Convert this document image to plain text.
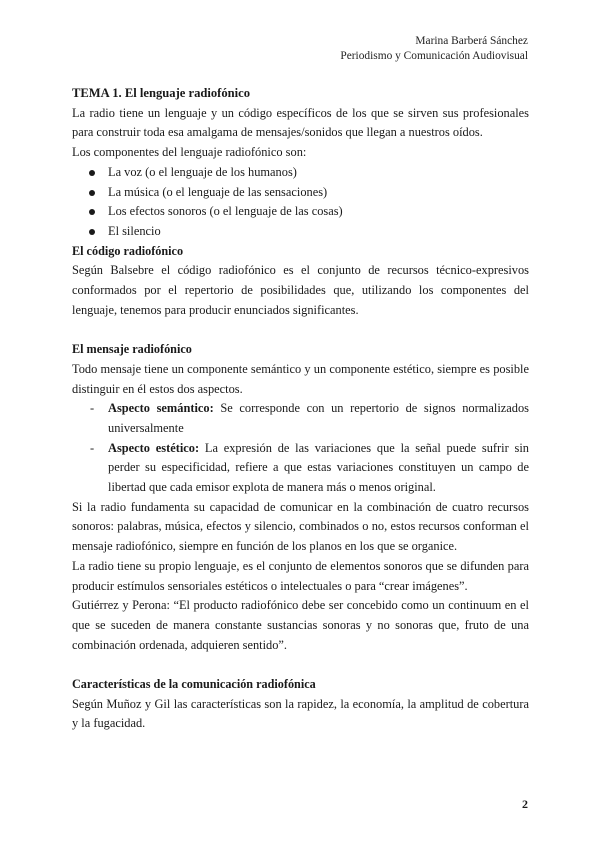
Marina Barberá Sánchez
Periodismo y Comunicación Audiovisual

TEMA 1. El lenguaje radiofónico

La radio tiene un lenguaje y un código específicos de los que se sirven sus profesionales para construir toda esa amalgama de mensajes/sonidos que llegan a nuestros oídos.

Los componentes del lenguaje radiofónico son:

La voz (o el lenguaje de los humanos)
La música (o el lenguaje de las sensaciones)
Los efectos sonoros (o el lenguaje de las cosas)
El silencio

El código radiofónico

Según Balsebre el código radiofónico es el conjunto de recursos técnico-expresivos conformados por el repertorio de posibilidades que, utilizando los componentes del lenguaje, tenemos para producir enunciados significantes.

El mensaje radiofónico

Todo mensaje tiene un componente semántico y un componente estético, siempre es posible distinguir en él estos dos aspectos.

- Aspecto semántico: Se corresponde con un repertorio de signos normalizados universalmente
- Aspecto estético: La expresión de las variaciones que la señal puede sufrir sin perder su especificidad, refiere a que estas variaciones constituyen un campo de libertad que cada emisor explota de manera más o menos original.

Si la radio fundamenta su capacidad de comunicar en la combinación de cuatro recursos sonoros: palabras, música, efectos y silencio, combinados o no, estos recursos conforman el mensaje radiofónico, siempre en función de los planos en los que se organice.

La radio tiene su propio lenguaje, es el conjunto de elementos sonoros que se difunden para producir estímulos sensoriales estéticos o intelectuales o para “crear imágenes”.

Gutiérrez y Perona: “El producto radiofónico debe ser concebido como un continuum en el que se suceden de manera constante sustancias sonoras y no sonoras que, fruto de una combinación ordenada, adquieren sentido”.

Características de la comunicación radiofónica

Según Muñoz y Gil las características son la rapidez, la economía, la amplitud de cobertura y la fugacidad.

2
